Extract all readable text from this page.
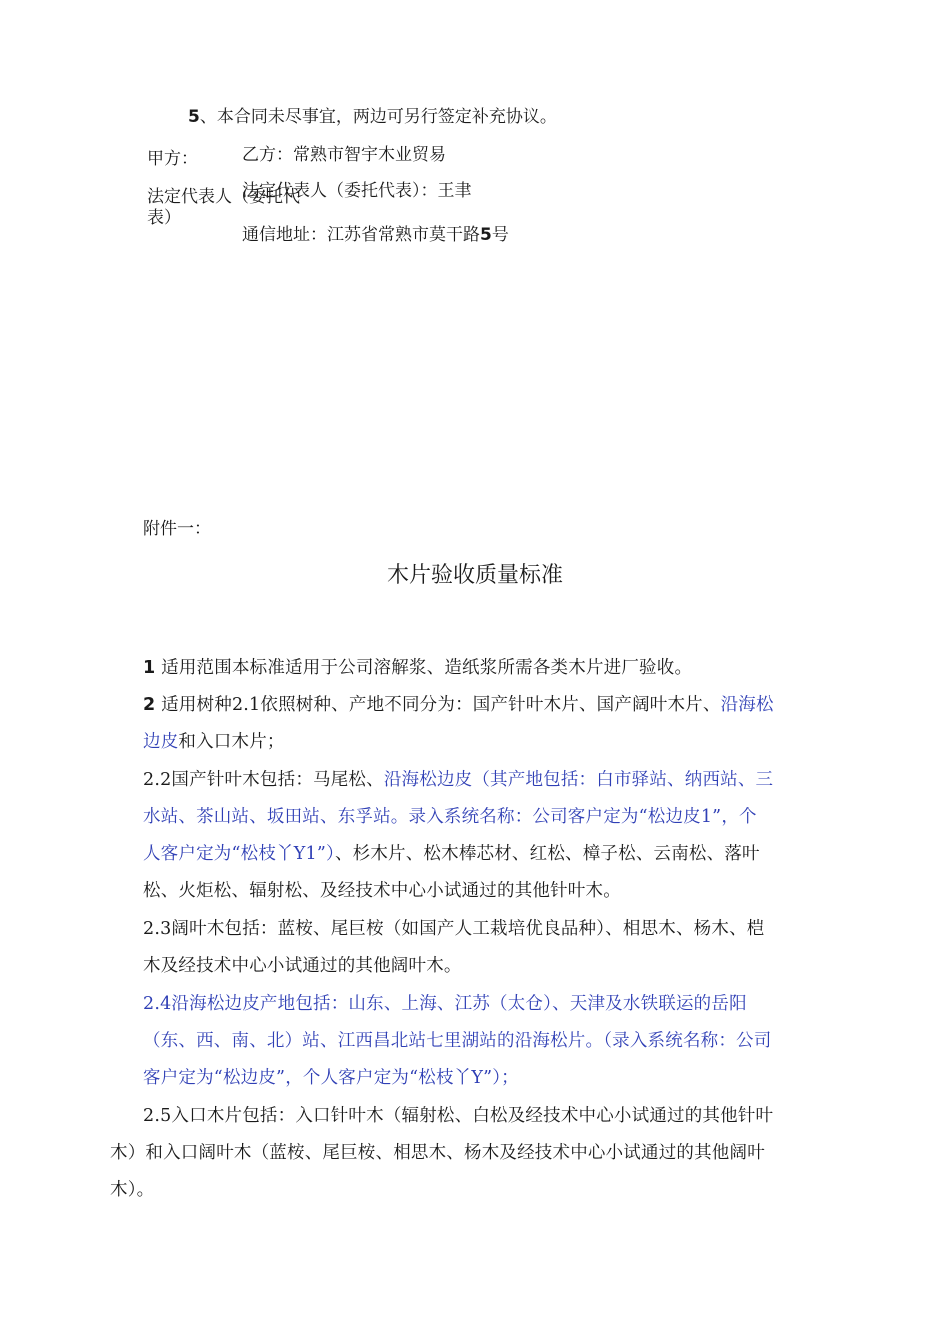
5、本合同未尽事宜，两边可另行签定补充协议。
甲方：	乙方：常熟市智宇木业贸易
法定代表人（委托代
法定代表人（委托代表）：王聿
表）
通信地址：江苏省常熟市莫干路5号
附件一：
木片验收质量标准
1 适用范围本标准适用于公司溶解浆、造纸浆所需各类木片进厂验收。
2 适用树种2.1依照树种、产地不同分为：国产针叶木片、国产阔叶木片、沿海松
边皮和入口木片；
2.2国产针叶木包括：马尾松、沿海松边皮（其产地包括：白市驿站、纳西站、三
水站、茶山站、坂田站、东孚站。录入系统名称：公司客户定为“松边皮1”，个
人客户定为“松枝丫Y1”）、杉木片、松木棒芯材、红松、樟子松、云南松、落叶
松、火炬松、辐射松、及经技术中心小试通过的其他针叶木。
2.3阔叶木包括：蓝桉、尾巨桉（如国产人工栽培优良品种）、相思木、杨木、桤
木及经技术中心小试通过的其他阔叶木。
2.4沿海松边皮产地包括：山东、上海、江苏（太仓）、天津及水铁联运的岳阳
（东、西、南、北）站、江西昌北站七里湖站的沿海松片。（录入系统名称：公司
客户定为“松边皮”，个人客户定为“松枝丫Y”）；
2.5入口木片包括：入口针叶木（辐射松、白松及经技术中心小试通过的其他针叶
木）和入口阔叶木（蓝桉、尾巨桉、相思木、杨木及经技术中心小试通过的其他阔叶
木）。
